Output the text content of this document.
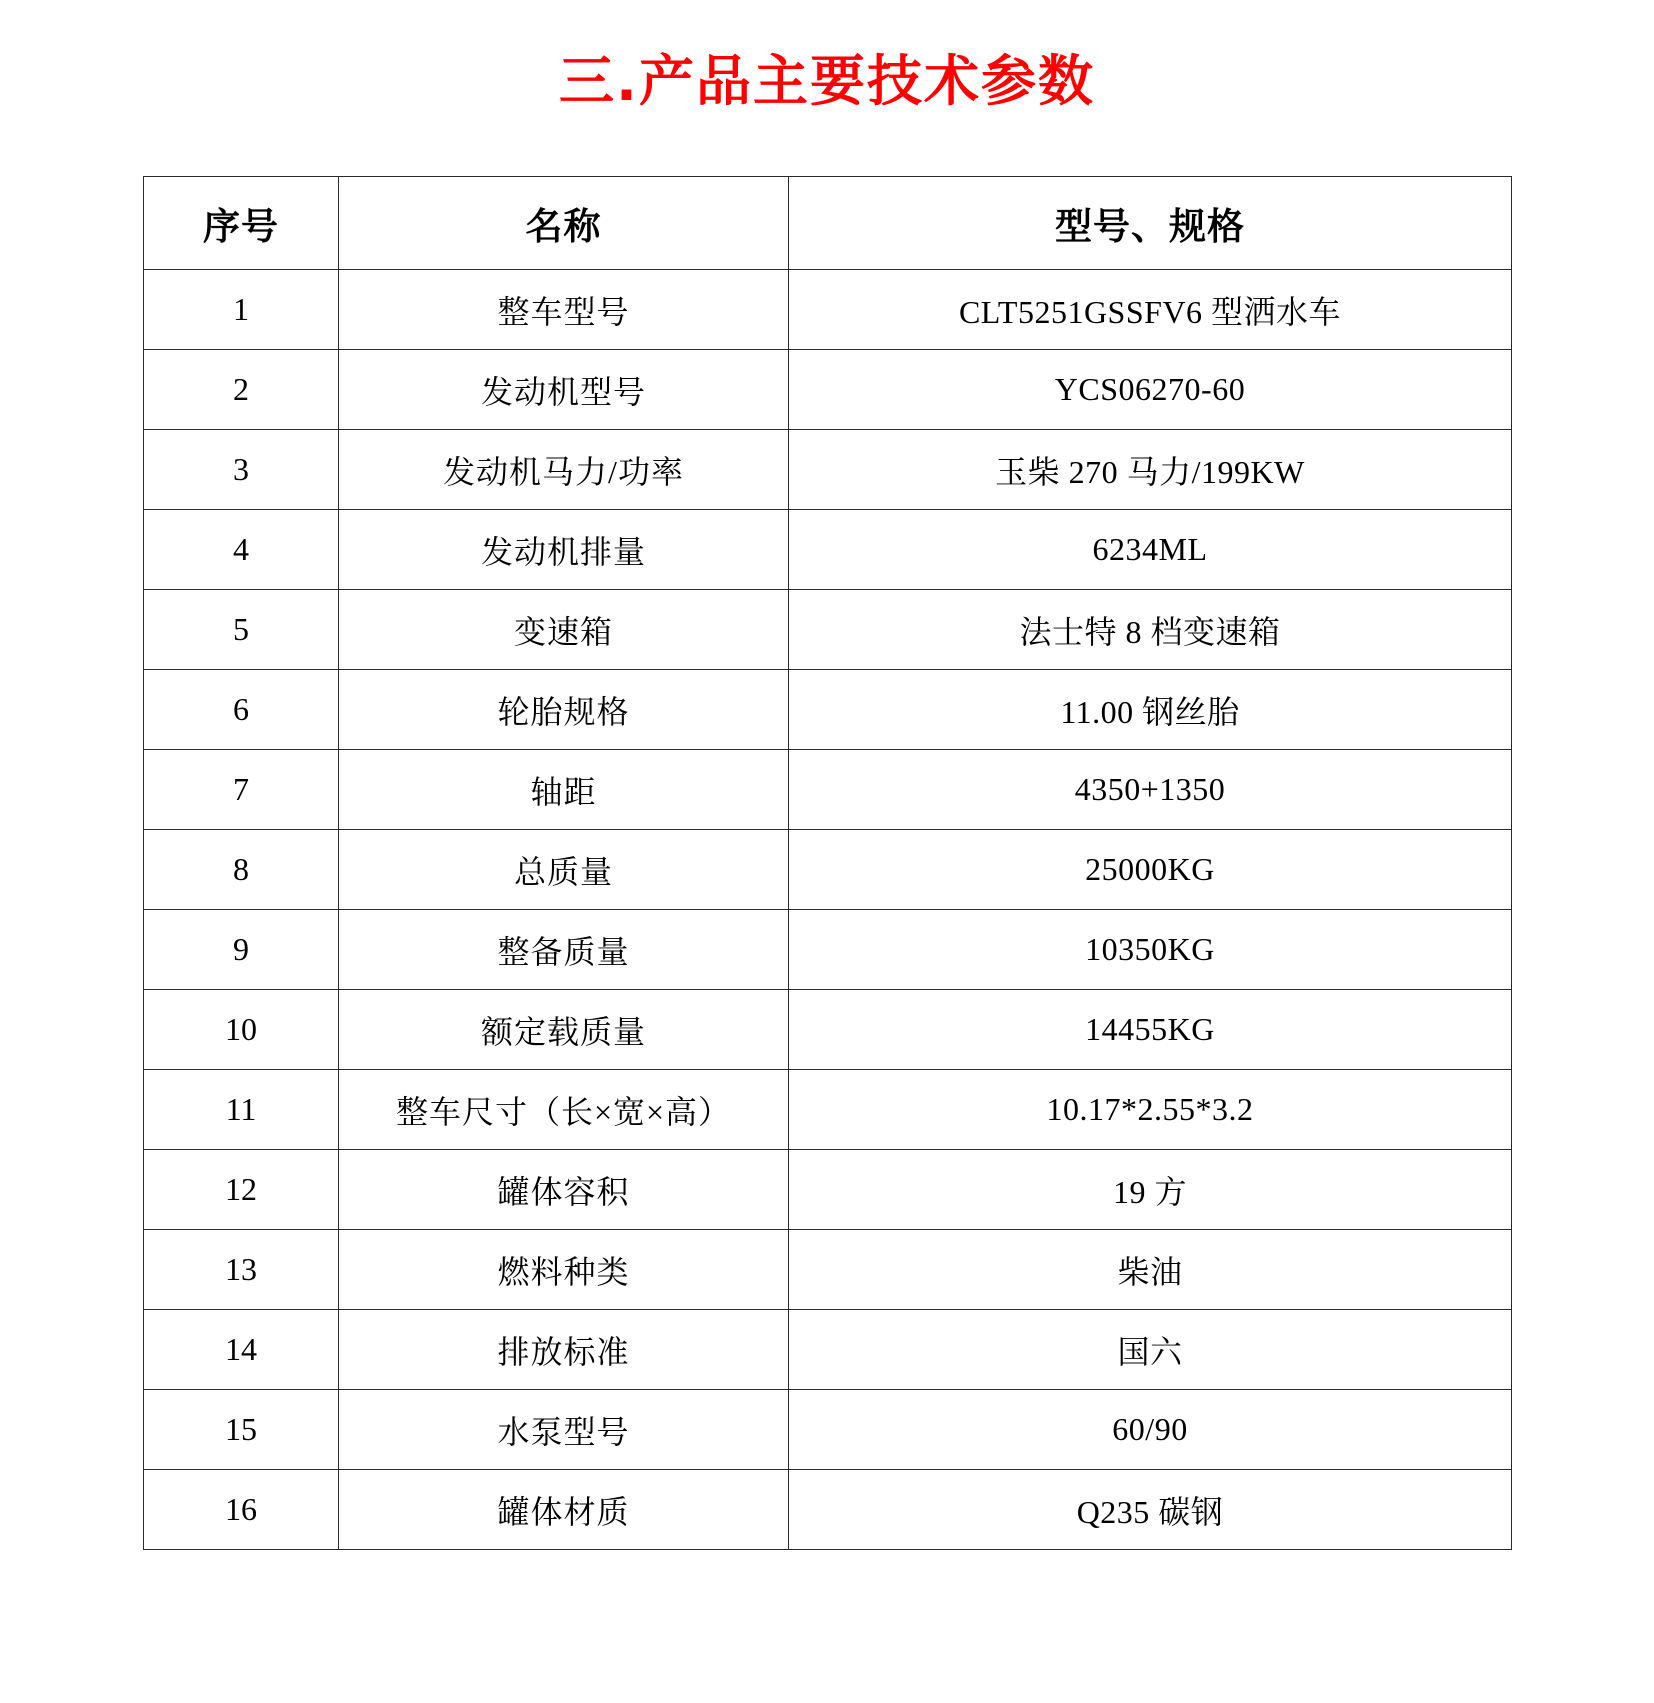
三.产品主要技术参数
序号	名称	型号、规格
1	整车型号	CLT5251GSSFV6 型洒水车
2	发动机型号	YCS06270-60
3	发动机马力/功率	玉柴 270 马力/199KW
4	发动机排量	6234ML
5	变速箱	法士特 8 档变速箱
6	轮胎规格	11.00 钢丝胎
7	轴距	4350+1350
8	总质量	25000KG
9	整备质量	10350KG
10	额定载质量	14455KG
11	整车尺寸（长×宽×高）	10.17*2.55*3.2
12	罐体容积	19 方
13	燃料种类	柴油
14	排放标准	国六
15	水泵型号	60/90
16	罐体材质	Q235 碳钢
